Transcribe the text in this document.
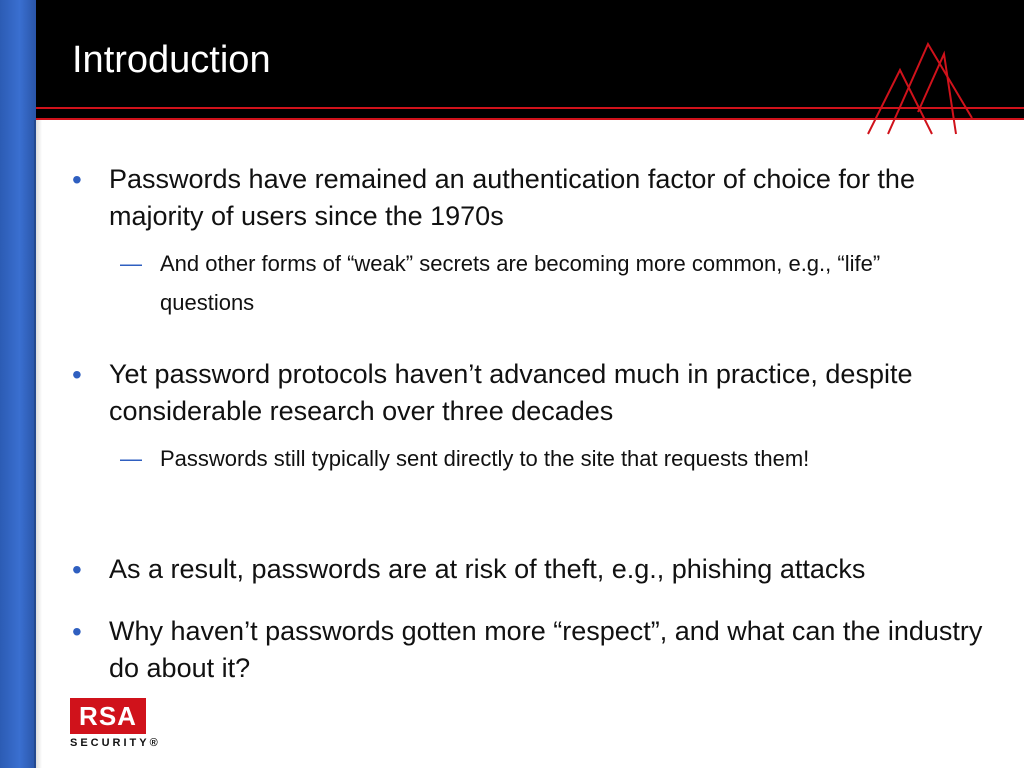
Introduction
• Passwords have remained an authentication factor of choice for the majority of users since the 1970s
— And other forms of “weak” secrets are becoming more common, e.g., “life” questions
• Yet password protocols haven’t advanced much in practice, despite considerable research over three decades
— Passwords still typically sent directly to the site that requests them!
• As a result, passwords are at risk of theft, e.g., phishing attacks
• Why haven’t passwords gotten more “respect”, and what can the industry do about it?
RSA
SECURITY®
